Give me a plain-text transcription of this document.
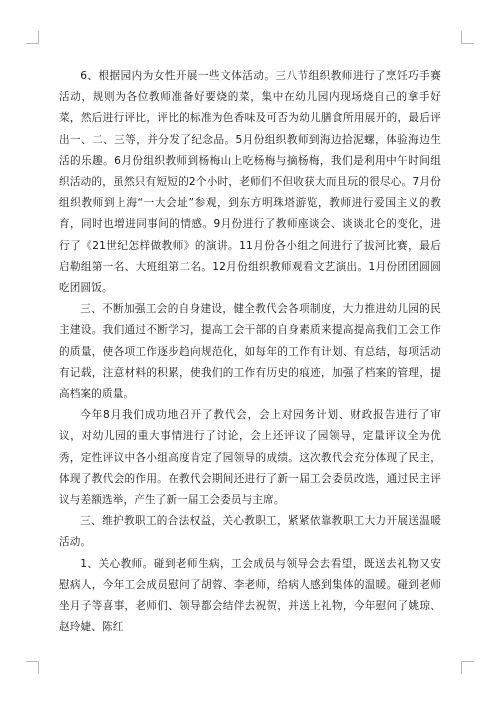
6、根据园内为女性开展一些文体活动。三八节组织教师进行了烹饪巧手赛活动，规则为各位教师准备好要烧的菜，集中在幼儿园内现场烧自己的拿手好菜，然后进行评比，评比的标准为色香味及可否为幼儿膳食所用展开的，最后评出一、二、三等，并分发了纪念品。5月份组织教师到海边拾泥螺，体验海边生活的乐趣。6月份组织教师到杨梅山上吃杨梅与摘杨梅，我们是利用中午时间组织活动的，虽然只有短短的2个小时，老师们不但收获大而且玩的很尽心。7月份组织教师到上海“一大会址”参观，到东方明珠塔游览，教师进行爱国主义的教育，同时也增进同事间的情感。9月份进行了教师座谈会、谈谈北仑的变化，进行了《21世纪怎样做教师》的演讲。11月份各小组之间进行了拔河比赛，最后启勒组第一名、大班组第二名。12月份组织教师观看文艺演出。1月份团团圆圆吃团圆饭。

三、不断加强工会的自身建设，健全教代会各项制度，大力推进幼儿园的民主建设。我们通过不断学习，提高工会干部的自身素质来提高提高我们工会工作的质量，使各项工作逐步趋向规范化，如每年的工作有计划、有总结，每项活动有记载，注意材料的积累，使我们的工作有历史的痕迹，加强了档案的管理，提高档案的质量。

今年8月我们成功地召开了教代会，会上对园务计划、财政报告进行了审议，对幼儿园的重大事情进行了讨论，会上还评议了园领导，定量评议全为优秀，定性评议中各小组高度肯定了园领导的成绩。这次教代会充分体现了民主，体现了教代会的作用。在教代会期间还进行了新一届工会委员改选，通过民主评议与差额选举，产生了新一届工会委员与主席。

三、维护教职工的合法权益，关心教职工，紧紧依靠教职工大力开展送温暖活动。

1、关心教师。碰到老师生病，工会成员与领导会去看望，既送去礼物又安慰病人，今年工会成员慰问了胡蓉、李老师，给病人感到集体的温暖。碰到老师坐月子等喜事，老师们、领导都会结伴去祝贺，并送上礼物，今年慰问了姚琼、赵玲婕、陈红
